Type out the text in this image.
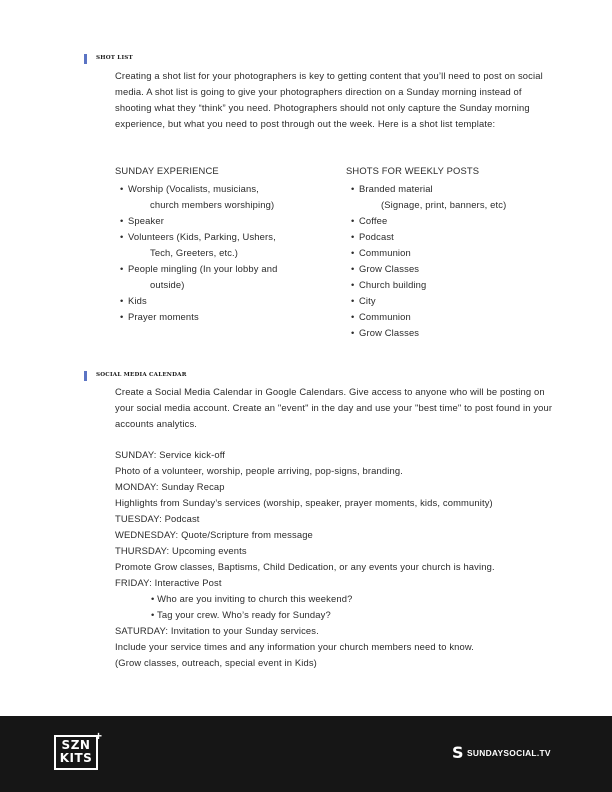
SHOT LIST

Creating a shot list for your photographers is key to getting content that you’ll need to post on social media. A shot list is going to give your photographers direction on a Sunday morning instead of shooting what they “think” you need. Photographers should not only capture the Sunday morning experience, but what you need to post through out the week. Here is a shot list template:

SUNDAY EXPERIENCE
• Worship (Vocalists, musicians,
church members worshiping)
• Speaker
• Volunteers (Kids, Parking, Ushers,
Tech, Greeters, etc.)
• People mingling (In your lobby and
outside)
• Kids
• Prayer moments
SHOTS FOR WEEKLY POSTS
• Branded material
(Signage, print, banners, etc)
• Coffee
• Podcast
• Communion
• Grow Classes
• Church building
• City
• Communion
• Grow Classes
SOCIAL MEDIA CALENDAR

Create a Social Media Calendar in Google Calendars. Give access to anyone who will be posting on your social media account. Create an "event" in the day and use your "best time" to post found in your accounts analytics.

SUNDAY: Service kick-off
Photo of a volunteer, worship, people arriving, pop-signs, branding.
MONDAY: Sunday Recap
Highlights from Sunday’s services (worship, speaker, prayer moments, kids, community)
TUESDAY: Podcast
WEDNESDAY: Quote/Scripture from message
THURSDAY: Upcoming events
Promote Grow classes, Baptisms, Child Dedication, or any events your church is having.
FRIDAY: Interactive Post
• Who are you inviting to church this weekend?
• Tag your crew. Who’s ready for Sunday?
SATURDAY: Invitation to your Sunday services.
Include your service times and any information your church members need to know.
(Grow classes, outreach, special event in Kids)
SZN
KITS
+
S SUNDAYSOCIAL.TV
